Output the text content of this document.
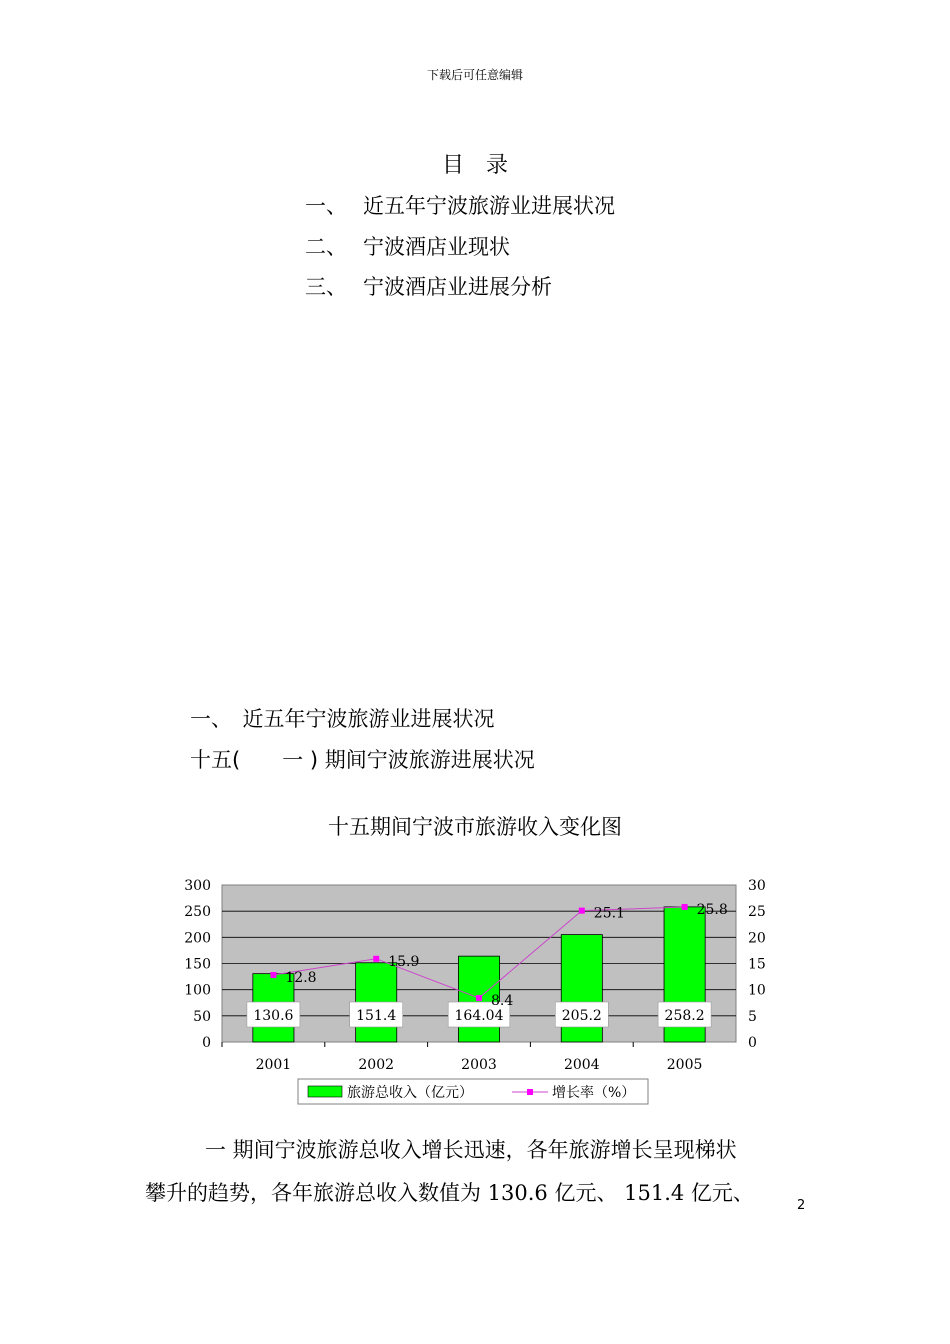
下载后可任意编辑
目　录
一、 近五年宁波旅游业进展状况
二、 宁波酒店业现状
三、 宁波酒店业进展分析
一、　近五年宁波旅游业进展状况
十五(　　一 ) 期间宁波旅游进展状况
十五期间宁波市旅游收入变化图
0
50
100
150
200
250
300
0
5
10
15
20
25
30
2001	2002	2003	2004	2005
130.6	151.4	164.04	205.2	258.2
12.8
15.9
8.4
25.1	25.8
旅游总收入（亿元）	增长率（%）
一 期间宁波旅游总收入增长迅速，各年旅游增长呈现梯状
攀升的趋势，各年旅游总收入数值为 130.6 亿元、 151.4 亿元、
2
